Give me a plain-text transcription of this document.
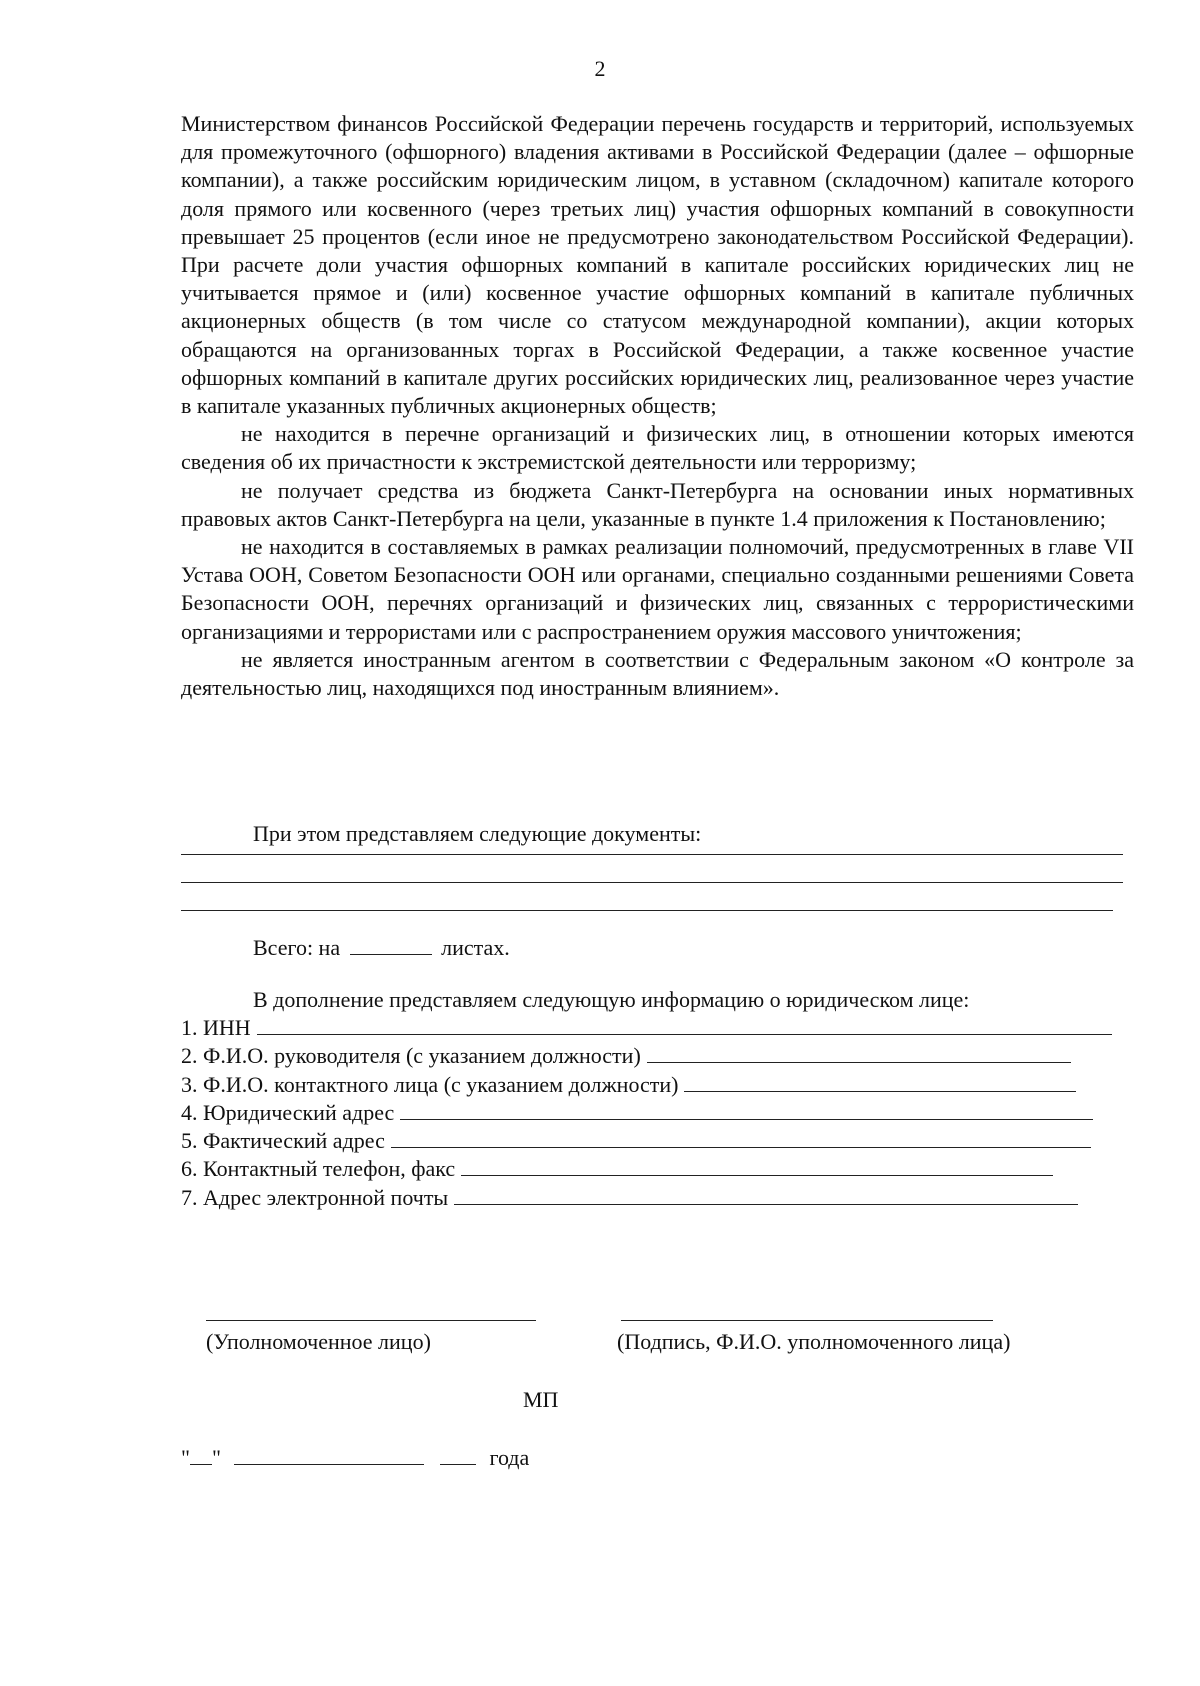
2

Министерством финансов Российской Федерации перечень государств и территорий, используемых для промежуточного (офшорного) владения активами в Российской Федерации (далее – офшорные компании), а также российским юридическим лицом, в уставном (складочном) капитале которого доля прямого или косвенного (через третьих лиц) участия офшорных компаний в совокупности превышает 25 процентов (если иное не предусмотрено законодательством Российской Федерации). При расчете доли участия офшорных компаний в капитале российских юридических лиц не учитывается прямое и (или) косвенное участие офшорных компаний в капитале публичных акционерных обществ (в том числе со статусом международной компании), акции которых обращаются на организованных торгах в Российской Федерации, а также косвенное участие офшорных компаний в капитале других российских юридических лиц, реализованное через участие в капитале указанных публичных акционерных обществ;

не находится в перечне организаций и физических лиц, в отношении которых имеются сведения об их причастности к экстремистской деятельности или терроризму;

не получает средства из бюджета Санкт-Петербурга на основании иных нормативных правовых актов Санкт-Петербурга на цели, указанные в пункте 1.4 приложения к Постановлению;

не находится в составляемых в рамках реализации полномочий, предусмотренных в главе VII Устава ООН, Советом Безопасности ООН или органами, специально созданными решениями Совета Безопасности ООН, перечнях организаций и физических лиц, связанных с террористическими организациями и террористами или с распространением оружия массового уничтожения;

не является иностранным агентом в соответствии с Федеральным законом «О контроле за деятельностью лиц, находящихся под иностранным влиянием».

При этом представляем следующие документы:
Всего: на	листах.
В дополнение представляем следующую информацию о юридическом лице:
1. ИНН
2. Ф.И.О. руководителя (с указанием должности)
3. Ф.И.О. контактного лица (с указанием должности)
4. Юридический адрес
5. Фактический адрес
6. Контактный телефон, факс
7. Адрес электронной почты
(Уполномоченное лицо)	(Подпись, Ф.И.О. уполномоченного лица)
МП
" "	года
